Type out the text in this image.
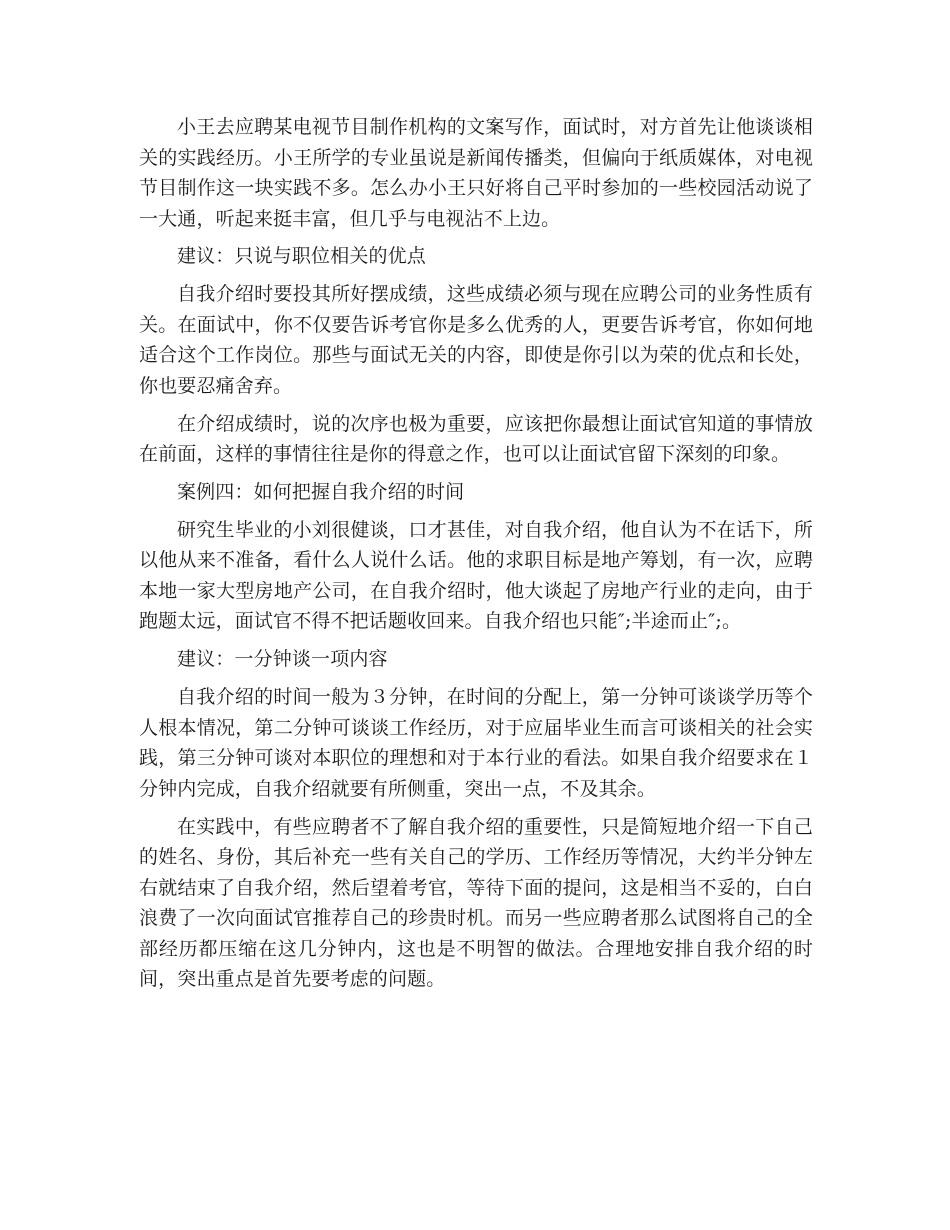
小王去应聘某电视节目制作机构的文案写作，面试时，对方首先让他谈谈相关的实践经历。小王所学的专业虽说是新闻传播类，但偏向于纸质媒体，对电视节目制作这一块实践不多。怎么办小王只好将自己平时参加的一些校园活动说了一大通，听起来挺丰富，但几乎与电视沾不上边。

建议：只说与职位相关的优点

自我介绍时要投其所好摆成绩，这些成绩必须与现在应聘公司的业务性质有关。在面试中，你不仅要告诉考官你是多么优秀的人，更要告诉考官，你如何地适合这个工作岗位。那些与面试无关的内容，即使是你引以为荣的优点和长处，你也要忍痛舍弃。

在介绍成绩时，说的次序也极为重要，应该把你最想让面试官知道的事情放在前面，这样的事情往往是你的得意之作，也可以让面试官留下深刻的印象。

案例四：如何把握自我介绍的时间

研究生毕业的小刘很健谈，口才甚佳，对自我介绍，他自认为不在话下，所以他从来不准备，看什么人说什么话。他的求职目标是地产筹划，有一次，应聘本地一家大型房地产公司，在自我介绍时，他大谈起了房地产行业的走向，由于跑题太远，面试官不得不把话题收回来。自我介绍也只能″;半途而止″;。

建议：一分钟谈一项内容

自我介绍的时间一般为３分钟，在时间的分配上，第一分钟可谈谈学历等个人根本情况，第二分钟可谈谈工作经历，对于应届毕业生而言可谈相关的社会实践，第三分钟可谈对本职位的理想和对于本行业的看法。如果自我介绍要求在１分钟内完成，自我介绍就要有所侧重，突出一点，不及其余。

在实践中，有些应聘者不了解自我介绍的重要性，只是简短地介绍一下自己的姓名、身份，其后补充一些有关自己的学历、工作经历等情况，大约半分钟左右就结束了自我介绍，然后望着考官，等待下面的提问，这是相当不妥的，白白浪费了一次向面试官推荐自己的珍贵时机。而另一些应聘者那么试图将自己的全部经历都压缩在这几分钟内，这也是不明智的做法。合理地安排自我介绍的时间，突出重点是首先要考虑的问题。
